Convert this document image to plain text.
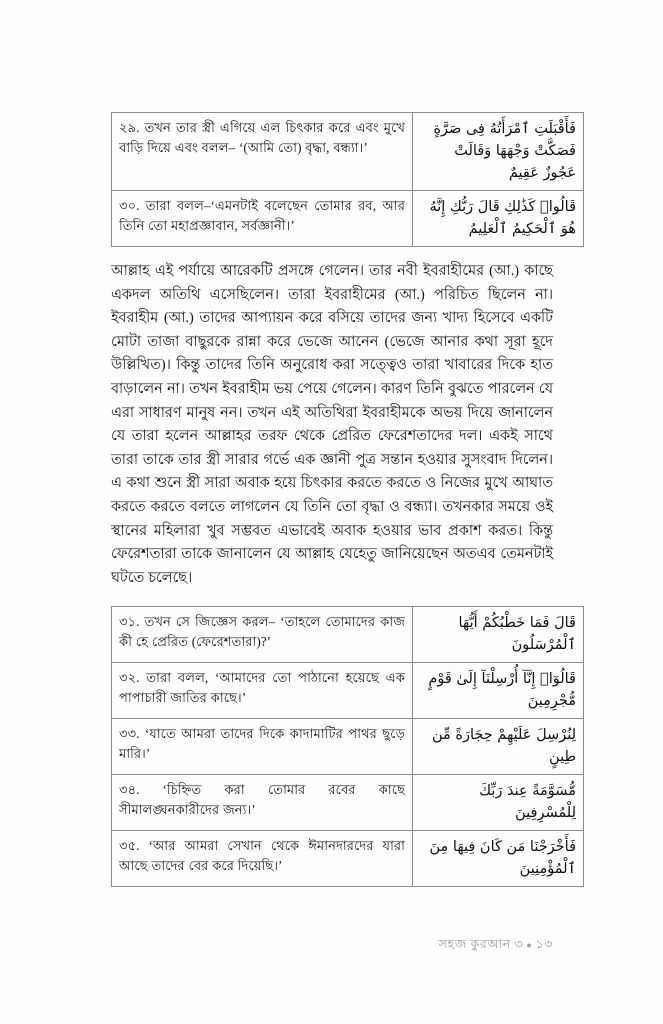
২৯. তখন তার স্ত্রী এগিয়ে এল চিৎকার করে এবং মুখে বাড়ি দিয়ে এবং বলল– ‘(আমি তো) বৃদ্ধা, বন্ধ্যা।’	فَأَقْبَلَتِ ٱمْرَأَتُهُ فِى صَرَّةٍ فَصَكَّتْ وَجْهَهَا وَقَالَتْ عَجُوزٌ عَقِيمٌ

৩০. তারা বলল–‘এমনটাই বলেছেন তোমার রব, আর তিনি তো মহাপ্রজ্ঞাবান, সর্বজ্ঞানী।’	قَالُوا۟ كَذَٰلِكِ قَالَ رَبُّكِ إِنَّهُ هُوَ ٱلْحَكِيمُ ٱلْعَلِيمُ

আল্লাহ এই পর্যায়ে আরেকটি প্রসঙ্গে গেলেন। তার নবী ইবরাহীমের (আ.) কাছে একদল অতিথি এসেছিলেন। তারা ইবরাহীমের (আ.) পরিচিত ছিলেন না। ইবরাহীম (আ.) তাদের আপ্যায়ন করে বসিয়ে তাদের জন্য খাদ্য হিসেবে একটি মোটা তাজা বাছুরকে রান্না করে ভেজে আনেন (ভেজে আনার কথা সূরা হূদে উল্লিখিত)। কিন্তু তাদের তিনি অনুরোধ করা সত্ত্বেও তারা খাবারের দিকে হাত বাড়ালেন না। তখন ইবরাহীম ভয় পেয়ে গেলেন। কারণ তিনি বুঝতে পারলেন যে এরা সাধারণ মানুষ নন। তখন এই অতিথিরা ইবরাহীমকে অভয় দিয়ে জানালেন যে তারা হলেন আল্লাহর তরফ থেকে প্রেরিত ফেরেশতাদের দল। একই সাথে তারা তাকে তার স্ত্রী সারার গর্ভে এক জ্ঞানী পুত্র সন্তান হওয়ার সুসংবাদ দিলেন। এ কথা শুনে স্ত্রী সারা অবাক হয়ে চিৎকার করতে করতে ও নিজের মুখে আঘাত করতে করতে বলতে লাগলেন যে তিনি তো বৃদ্ধা ও বন্ধ্যা। তখনকার সময়ে ওই স্থানের মহিলারা খুব সম্ভবত এভাবেই অবাক হওয়ার ভাব প্রকাশ করত। কিন্তু ফেরেশতারা তাকে জানালেন যে আল্লাহ যেহেতু জানিয়েছেন অতএব তেমনটাই ঘটতে চলেছে।

৩১. তখন সে জিজ্ঞেস করল– ‘তাহলে তোমাদের কাজ কী হে প্রেরিত (ফেরেশতারা)?’	قَالَ فَمَا خَطْبُكُمْ أَيُّهَا ٱلْمُرْسَلُونَ

৩২. তারা বলল, ‘আমাদের তো পাঠানো হয়েছে এক পাপাচারী জাতির কাছে।’	قَالُوٓا۟ إِنَّآ أُرْسِلْنَآ إِلَىٰ قَوْمٍ مُّجْرِمِينَ

৩৩. ‘যাতে আমরা তাদের দিকে কাদামাটির পাথর ছুড়ে মারি।’	لِنُرْسِلَ عَلَيْهِمْ حِجَارَةً مِّن طِينٍ

৩৪. ‘চিহ্নিত করা তোমার রবের কাছে সীমালঙ্ঘনকারীদের জন্য।’	مُّسَوَّمَةً عِندَ رَبِّكَ لِلْمُسْرِفِينَ

৩৫. ‘আর আমরা সেখান থেকে ঈমানদারদের যারা আছে তাদের বের করে দিয়েছি।’	فَأَخْرَجْنَا مَن كَانَ فِيهَا مِنَ ٱلْمُؤْمِنِينَ
সহজ কুরআন ৩ ● ১৩
